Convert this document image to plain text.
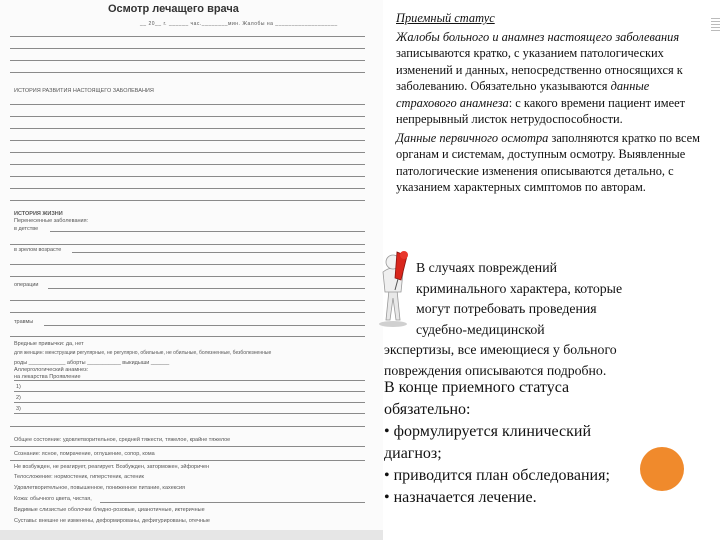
Осмотр лечащего врача
__ 20__ г. ______ час.________мин. Жалобы на ___________________
ИСТОРИЯ РАЗВИТИЯ НАСТОЯЩЕГО ЗАБОЛЕВАНИЯ
ИСТОРИЯ ЖИЗНИ
Перенесенные заболевания:
в детстве
в зрелом возрасте
операции
травмы
Вредные привычки: да, нет
для женщин: менструации регулярные, не регулярно, обильные, не обильные, болезненные, безболезненные
роды ____________ аборты ___________ выкидыши ______
Аллергологический анамнез:
на лекарства Проявление
1)
2)
3)
Общее состояние: удовлетворительное, средней тяжести, тяжелое, крайне тяжелое
Сознание: ясное, помрачение, оглушение, сопор, кома
Не возбужден, не реагирует, реагирует. Возбужден, заторможен, эйфоричен
Телосложение: нормостеник, гиперстеник, астеник
Удовлетворительное, повышенное, пониженное питание, кахексия
Кожа: обычного цвета, чистая,
Видимые слизистые оболочки бледно-розовые, цианотичные, иктеричные
Суставы: внешне не изменены, деформированы, дефигурированы, отечные

Приемный статус

Жалобы больного и анамнез настоящего заболевания записываются кратко, с указанием патологических изменений и данных, непосредственно относящихся к заболеванию. Обязательно указываются данные страхового анамнеза: с какого времени пациент имеет непрерывный листок нетрудоспособности.

Данные первичного осмотра заполняются кратко по всем органам и системам, доступным осмотру. Выявленные патологические изменения описываются детально, с указанием характерных симптомов по авторам.

В случаях повреждений
криминального характера, которые
могут потребовать проведения
судебно-медицинской
экспертизы, все имеющиеся у больного
повреждения описываются подробно.
В конце приемного статуса
обязательно:
• формулируется клинический
диагноз;
• приводится план обследования;
• назначается лечение.
